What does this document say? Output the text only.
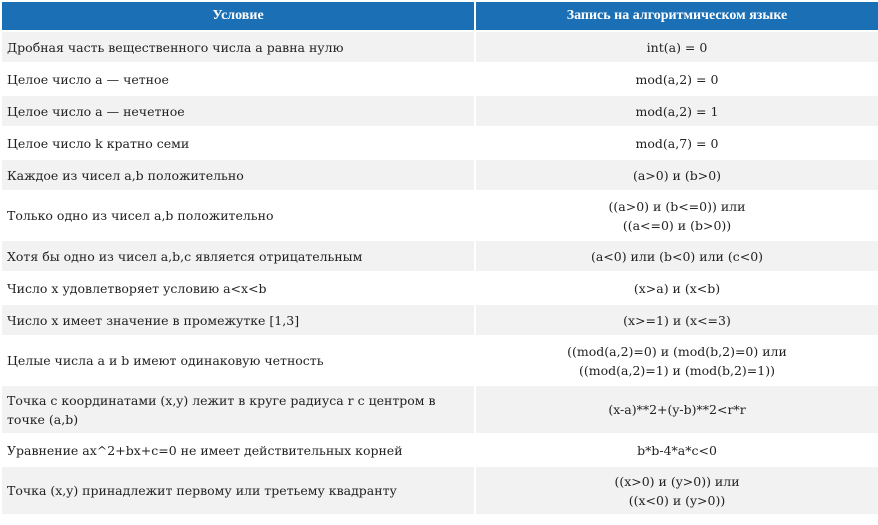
Условие	Запись на алгоритмическом языке
Дробная часть вещественного числа a равна нулю	int(a) = 0
Целое число a — четное	mod(a,2) = 0
Целое число a — нечетное	mod(a,2) = 1
Целое число k кратно семи	mod(a,7) = 0
Каждое из чисел a,b положительно	(a>0) и (b>0)
Только одно из чисел a,b положительно	((a>0) и (b<=0)) или
((a<=0) и (b>0))

Хотя бы одно из чисел a,b,c является отрицательным	(a<0) или (b<0) или (c<0)
Число x удовлетворяет условию a<x<b	(x>a) и (x<b)
Число x имеет значение в промежутке [1,3]	(x>=1) и (x<=3)
Целые числа a и b имеют одинаковую четность	((mod(a,2)=0) и (mod(b,2)=0) или
((mod(a,2)=1) и (mod(b,2)=1))

Точка с координатами (x,y) лежит в круге радиуса r с центром в точке (a,b)	(x-a)**2+(y-b)**2<r*r
Уравнение ax^2+bx+c=0 не имеет действительных корней	b*b-4*a*c<0
Точка (x,y) принадлежит первому или третьему квадранту	((x>0) и (y>0)) или
((x<0) и (y>0))
